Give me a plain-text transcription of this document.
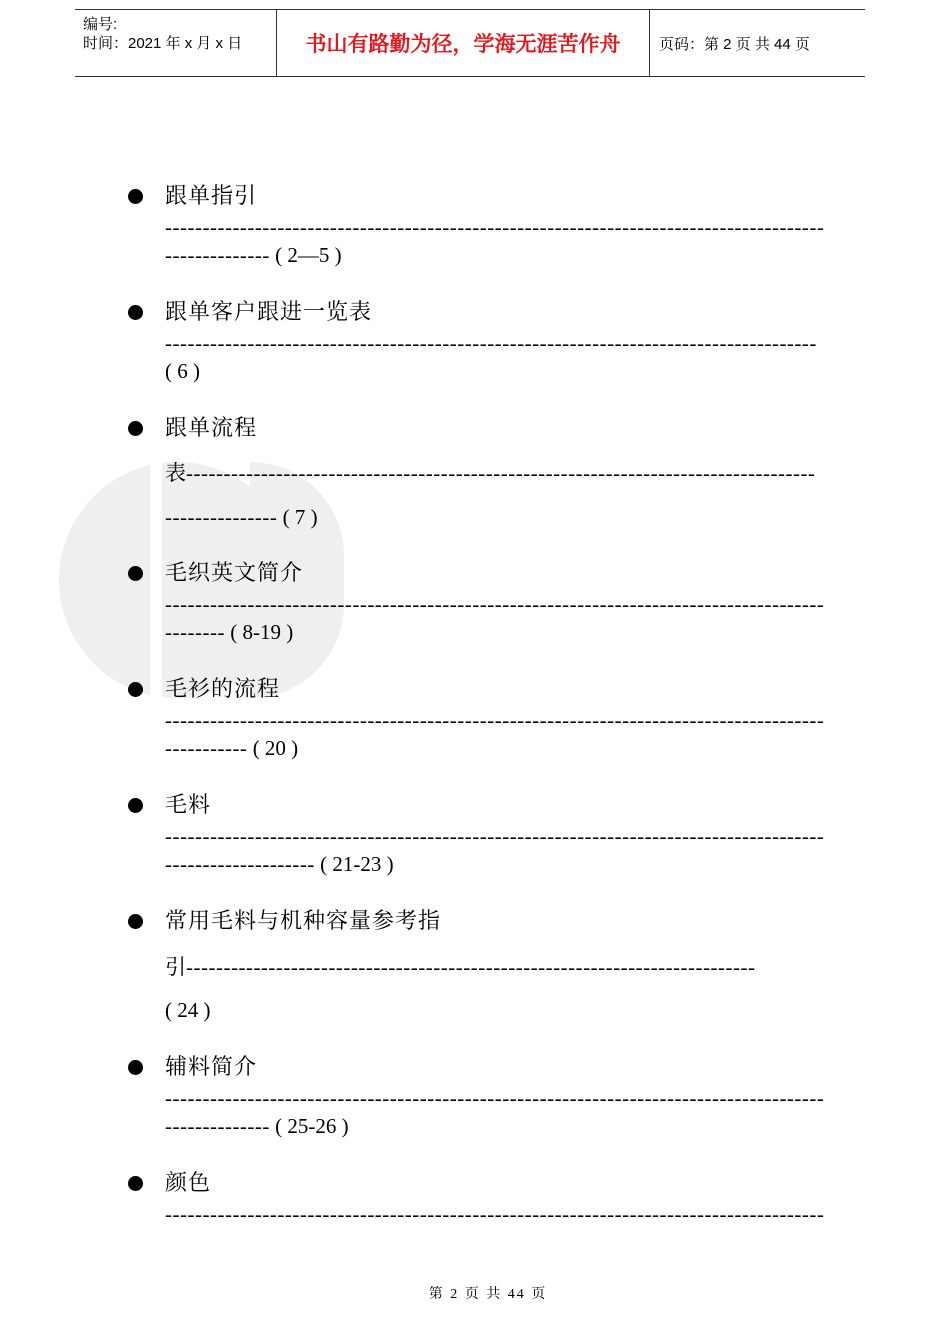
编号:
时间：2021 年 x 月 x 日	书山有路勤为径，学海无涯苦作舟	页码：第 2 页 共 44 页
跟单指引
----------------------------------------------------------------------------------------
-------------- ( 2—5 )
跟单客户跟进一览表
---------------------------------------------------------------------------------------
( 6 )
跟单流程
表------------------------------------------------------------------------------------
--------------- ( 7 )
毛织英文简介
----------------------------------------------------------------------------------------
-------- ( 8-19 )
毛衫的流程
----------------------------------------------------------------------------------------
----------- ( 20 )
毛料
----------------------------------------------------------------------------------------
-------------------- ( 21-23 )
常用毛料与机种容量参考指
引----------------------------------------------------------------------------
( 24 )
辅料简介
----------------------------------------------------------------------------------------
-------------- ( 25-26 )
颜色
----------------------------------------------------------------------------------------
第 2 页 共 44 页
